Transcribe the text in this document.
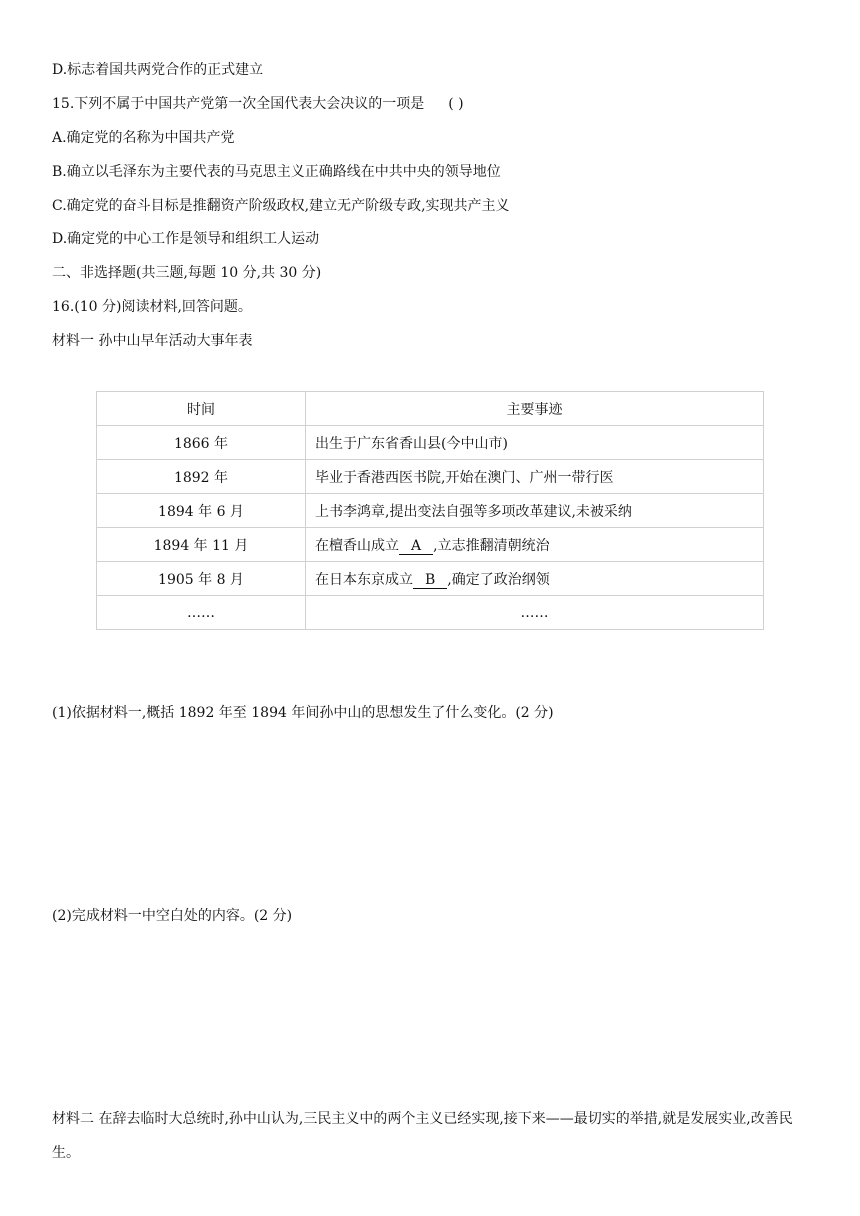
D.标志着国共两党合作的正式建立
15.下列不属于中国共产党第一次全国代表大会决议的一项是 ( )
A.确定党的名称为中国共产党
B.确立以毛泽东为主要代表的马克思主义正确路线在中共中央的领导地位
C.确定党的奋斗目标是推翻资产阶级政权,建立无产阶级专政,实现共产主义
D.确定党的中心工作是领导和组织工人运动
二、非选择题(共三题,每题 10 分,共 30 分)
16.(10 分)阅读材料,回答问题。
材料一 孙中山早年活动大事年表
时间	主要事迹
1866 年	出生于广东省香山县(今中山市)
1892 年	毕业于香港西医书院,开始在澳门、广州一带行医
1894 年 6 月	上书李鸿章,提出变法自强等多项改革建议,未被采纳
1894 年 11 月	在檀香山成立 A ,立志推翻清朝统治
1905 年 8 月	在日本东京成立 B ,确定了政治纲领
……	……
(1)依据材料一,概括 1892 年至 1894 年间孙中山的思想发生了什么变化。(2 分)
(2)完成材料一中空白处的内容。(2 分)
材料二 在辞去临时大总统时,孙中山认为,三民主义中的两个主义已经实现,接下来——最切实的举措,就是发展实业,改善民生。
